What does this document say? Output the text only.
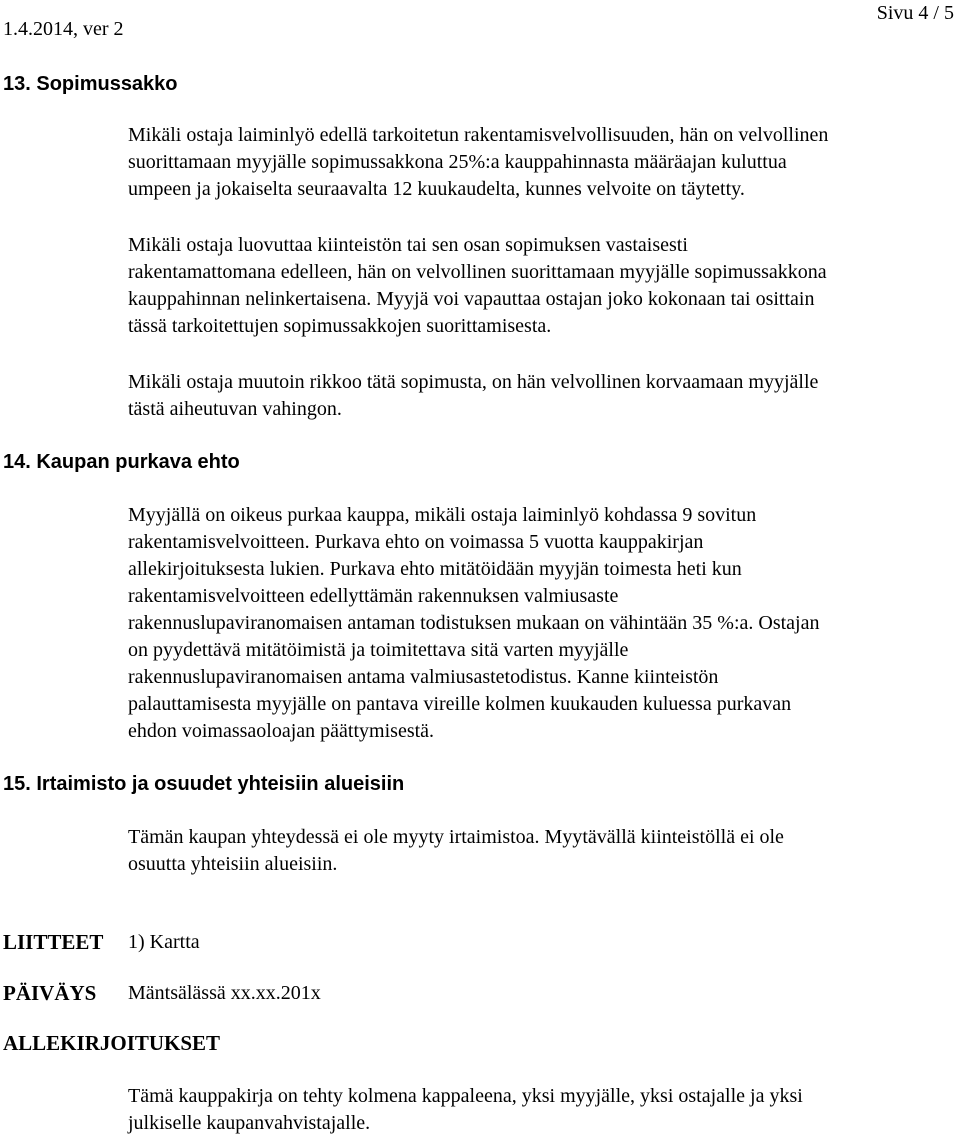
1.4.2014, ver 2
Sivu 4 / 5
13. Sopimussakko

Mikäli ostaja laiminlyö edellä tarkoitetun rakentamisvelvollisuuden, hän on velvollinen
suorittamaan myyjälle sopimussakkona 25%:a kauppahinnasta määräajan kuluttua
umpeen ja jokaiselta seuraavalta 12 kuukaudelta, kunnes velvoite on täytetty.

Mikäli ostaja luovuttaa kiinteistön tai sen osan sopimuksen vastaisesti
rakentamattomana edelleen, hän on velvollinen suorittamaan myyjälle sopimussakkona
kauppahinnan nelinkertaisena. Myyjä voi vapauttaa ostajan joko kokonaan tai osittain
tässä tarkoitettujen sopimussakkojen suorittamisesta.

Mikäli ostaja muutoin rikkoo tätä sopimusta, on hän velvollinen korvaamaan myyjälle
tästä aiheutuvan vahingon.

14. Kaupan purkava ehto

Myyjällä on oikeus purkaa kauppa, mikäli ostaja laiminlyö kohdassa 9 sovitun
rakentamisvelvoitteen. Purkava ehto on voimassa 5 vuotta kauppakirjan
allekirjoituksesta lukien. Purkava ehto mitätöidään myyjän toimesta heti kun
rakentamisvelvoitteen edellyttämän rakennuksen valmiusaste
rakennuslupaviranomaisen antaman todistuksen mukaan on vähintään 35 %:a. Ostajan
on pyydettävä mitätöimistä ja toimitettava sitä varten myyjälle
rakennuslupaviranomaisen antama valmiusastetodistus. Kanne kiinteistön
palauttamisesta myyjälle on pantava vireille kolmen kuukauden kuluessa purkavan
ehdon voimassaoloajan päättymisestä.

15. Irtaimisto ja osuudet yhteisiin alueisiin

Tämän kaupan yhteydessä ei ole myyty irtaimistoa. Myytävällä kiinteistöllä ei ole
osuutta yhteisiin alueisiin.

LIITTEET 1) Kartta
PÄIVÄYS Mäntsälässä xx.xx.201x
ALLEKIRJOITUKSET

Tämä kauppakirja on tehty kolmena kappaleena, yksi myyjälle, yksi ostajalle ja yksi
julkiselle kaupanvahvistajalle.
